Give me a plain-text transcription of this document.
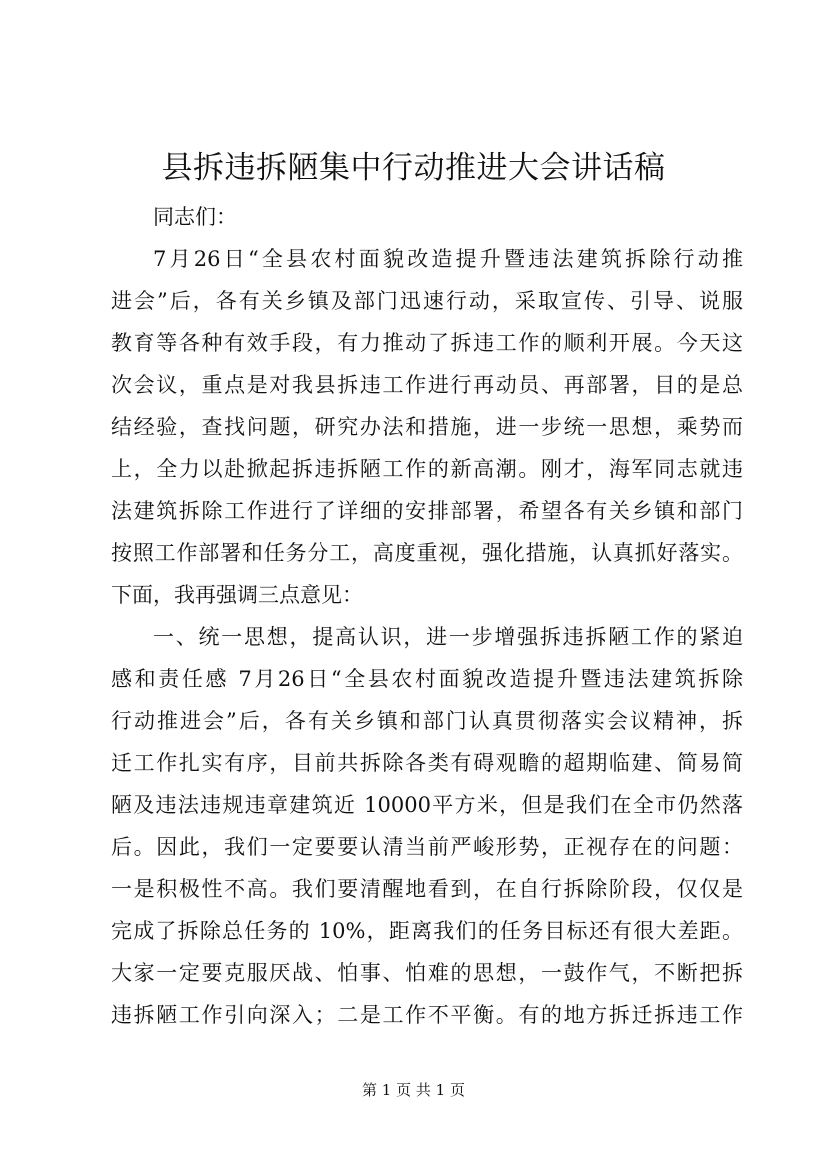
县拆违拆陋集中行动推进大会讲话稿

同志们：

7月26日“全县农村面貌改造提升暨违法建筑拆除行动推

进会”后，各有关乡镇及部门迅速行动，采取宣传、引导、说服

教育等各种有效手段，有力推动了拆违工作的顺利开展。今天这

次会议，重点是对我县拆违工作进行再动员、再部署，目的是总

结经验，查找问题，研究办法和措施，进一步统一思想，乘势而

上，全力以赴掀起拆违拆陋工作的新高潮。刚才，海军同志就违

法建筑拆除工作进行了详细的安排部署，希望各有关乡镇和部门

按照工作部署和任务分工，高度重视，强化措施，认真抓好落实。

下面，我再强调三点意见：

一、统一思想，提高认识，进一步增强拆违拆陋工作的紧迫

感和责任感 7月26日“全县农村面貌改造提升暨违法建筑拆除

行动推进会”后，各有关乡镇和部门认真贯彻落实会议精神，拆

迁工作扎实有序，目前共拆除各类有碍观瞻的超期临建、简易简

陋及违法违规违章建筑近 10000平方米，但是我们在全市仍然落

后。因此，我们一定要要认清当前严峻形势，正视存在的问题：

一是积极性不高。我们要清醒地看到，在自行拆除阶段，仅仅是

完成了拆除总任务的 10%，距离我们的任务目标还有很大差距。

大家一定要克服厌战、怕事、怕难的思想，一鼓作气，不断把拆

违拆陋工作引向深入；二是工作不平衡。有的地方拆迁拆违工作

第 1 页 共 1 页
